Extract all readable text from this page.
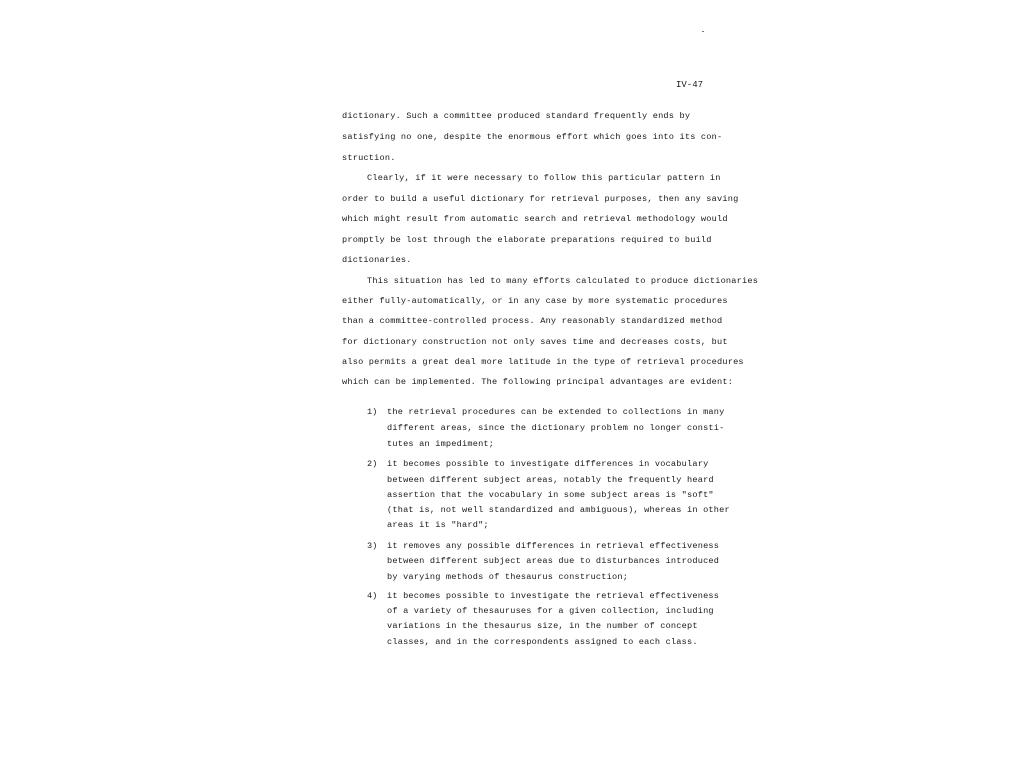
IV-47
dictionary. Such a committee produced standard frequently ends by
satisfying no one, despite the enormous effort which goes into its con-
struction.
Clearly, if it were necessary to follow this particular pattern in
order to build a useful dictionary for retrieval purposes, then any saving
which might result from automatic search and retrieval methodology would
promptly be lost through the elaborate preparations required to build
dictionaries.
This situation has led to many efforts calculated to produce dictionaries
either fully-automatically, or in any case by more systematic procedures
than a committee-controlled process. Any reasonably standardized method
for dictionary construction not only saves time and decreases costs, but
also permits a great deal more latitude in the type of retrieval procedures
which can be implemented. The following principal advantages are evident:
1) the retrieval procedures can be extended to collections in many
different areas, since the dictionary problem no longer consti-
tutes an impediment;
2) it becomes possible to investigate differences in vocabulary
between different subject areas, notably the frequently heard
assertion that the vocabulary in some subject areas is "soft"
(that is, not well standardized and ambiguous), whereas in other
areas it is "hard";
3) it removes any possible differences in retrieval effectiveness
between different subject areas due to disturbances introduced
by varying methods of thesaurus construction;
4) it becomes possible to investigate the retrieval effectiveness
of a variety of thesauruses for a given collection, including
variations in the thesaurus size, in the number of concept
classes, and in the correspondents assigned to each class.
